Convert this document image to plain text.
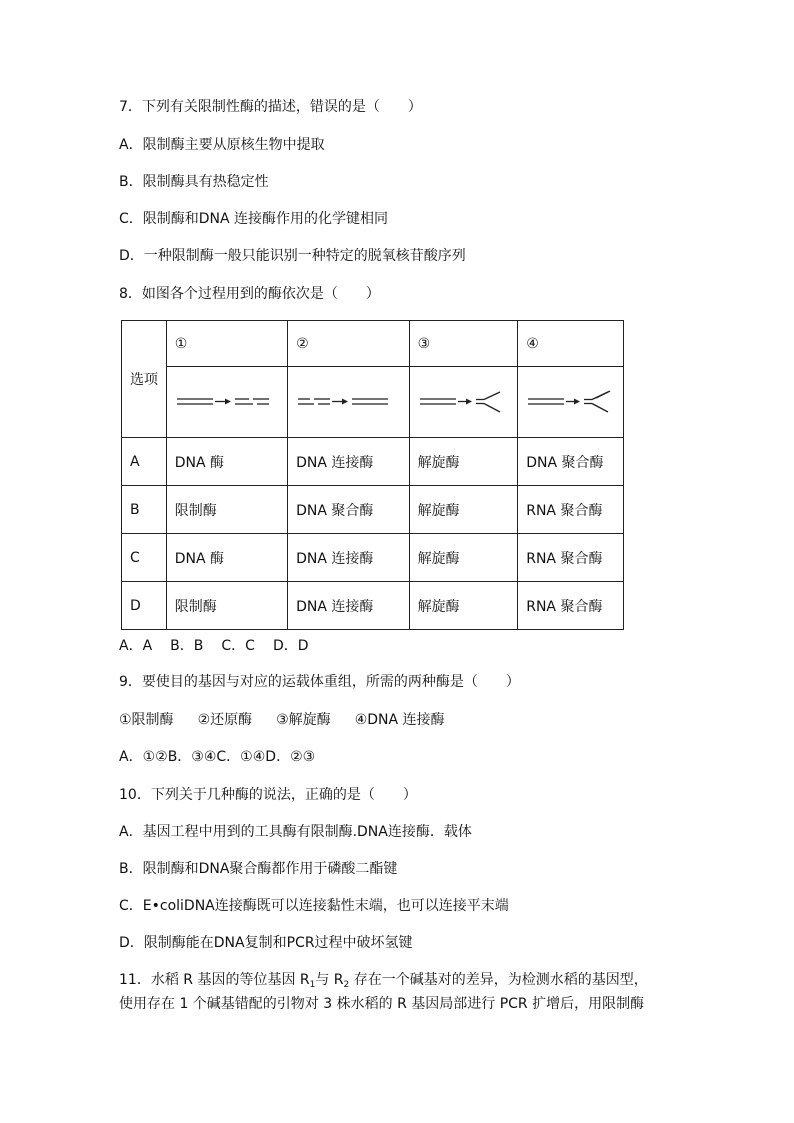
7．下列有关限制性酶的描述，错误的是（　　）
A．限制酶主要从原核生物中提取
B．限制酶具有热稳定性
C．限制酶和DNA 连接酶作用的化学键相同
D．一种限制酶一般只能识别一种特定的脱氧核苷酸序列
8．如图各个过程用到的酶依次是（　　）
选项	①	②	③	④

A	DNA 酶	DNA 连接酶	解旋酶	DNA 聚合酶
B	限制酶	DNA 聚合酶	解旋酶	RNA 聚合酶
C	DNA 酶	DNA 连接酶	解旋酶	RNA 聚合酶
D	限制酶	DNA 连接酶	解旋酶	RNA 聚合酶
A．A B．B C．C D．D
9．要使目的基因与对应的运载体重组，所需的两种酶是（　　）
①限制酶 ②还原酶 ③解旋酶 ④DNA 连接酶
A．①②B．③④C．①④D．②③
10．下列关于几种酶的说法，正确的是（　　）
A．基因工程中用到的工具酶有限制酶.DNA连接酶．载体
B．限制酶和DNA聚合酶都作用于磷酸二酯键
C．E•coliDNA连接酶既可以连接黏性末端，也可以连接平末端
D．限制酶能在DNA复制和PCR过程中破坏氢键
11．水稻 R 基因的等位基因 $R_1$与 $R_2$ 存在一个碱基对的差异，为检测水稻的基因型，
使用存在 1 个碱基错配的引物对 3 株水稻的 R 基因局部进行 PCR 扩增后，用限制酶
